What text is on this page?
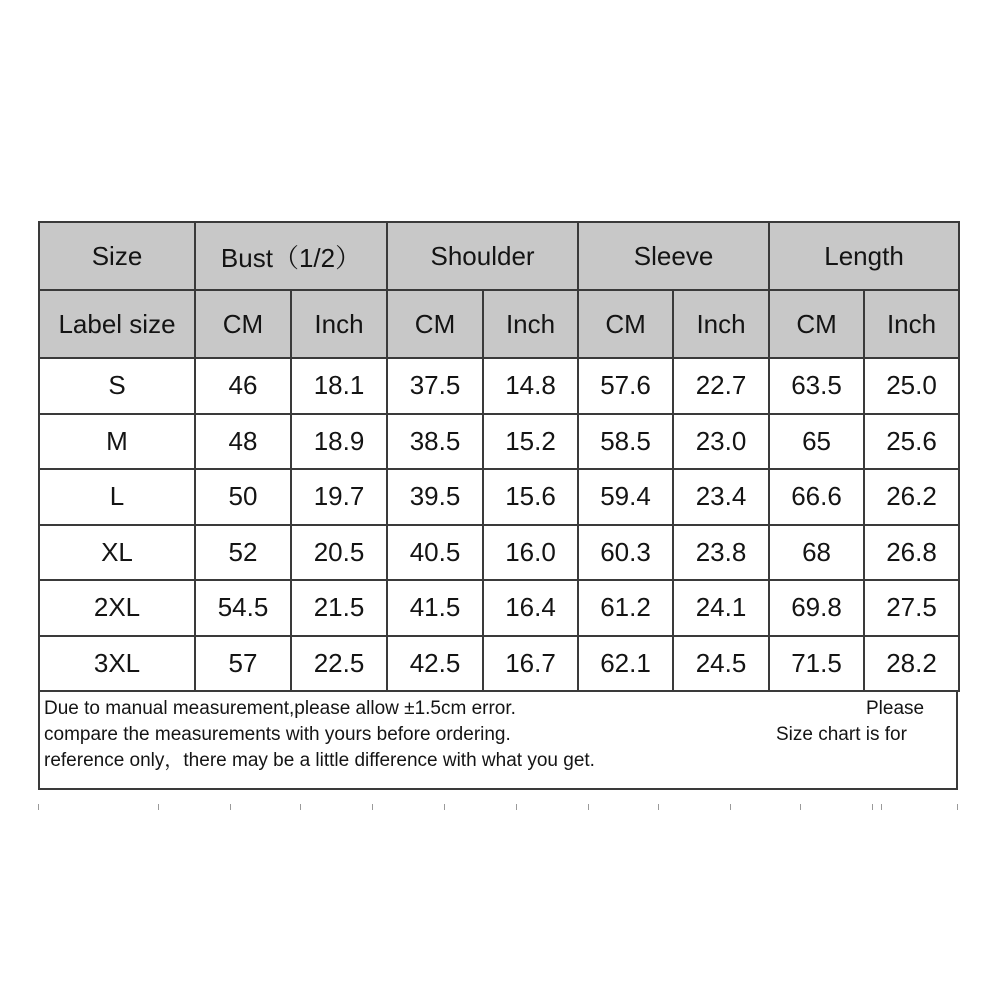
Size	Bust（1/2）		Shoulder		Sleeve		Length	
Label size	CM	Inch	CM	Inch	CM	Inch	CM	Inch
S	46	18.1	37.5	14.8	57.6	22.7	63.5	25.0
M	48	18.9	38.5	15.2	58.5	23.0	65	25.6
L	50	19.7	39.5	15.6	59.4	23.4	66.6	26.2
XL	52	20.5	40.5	16.0	60.3	23.8	68	26.8
2XL	54.5	21.5	41.5	16.4	61.2	24.1	69.8	27.5
3XL	57	22.5	42.5	16.7	62.1	24.5	71.5	28.2
Due to manual measurement,please allow ±1.5cm error.	Please
compare the measurements with yours before ordering.	Size chart is for
reference only，there may be a little difference with what you get.
